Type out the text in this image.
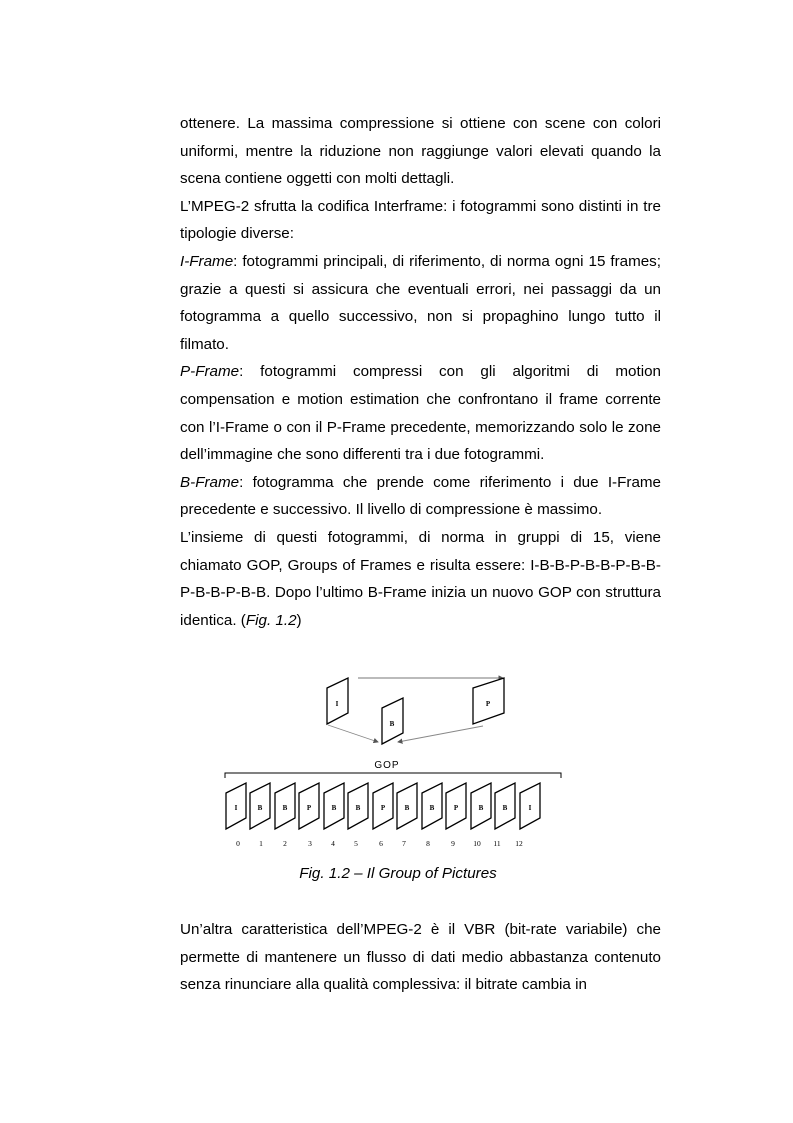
ottenere. La massima compressione si ottiene con scene con colori uniformi, mentre la riduzione non raggiunge valori elevati quando la scena contiene oggetti con molti dettagli.

L’MPEG-2 sfrutta la codifica Interframe: i fotogrammi sono distinti in tre tipologie diverse:

I-Frame: fotogrammi principali, di riferimento, di norma ogni 15 frames; grazie a questi si assicura che eventuali errori, nei passaggi da un fotogramma a quello successivo, non si propaghino lungo tutto il filmato.

P-Frame: fotogrammi compressi con gli algoritmi di motion compensation e motion estimation che confrontano il frame corrente con l’I-Frame o con il P-Frame precedente, memorizzando solo le zone dell’immagine che sono differenti tra i due fotogrammi.

B-Frame: fotogramma che prende come riferimento i due I-Frame precedente e successivo. Il livello di compressione è massimo.

L’insieme di questi fotogrammi, di norma in gruppi di 15, viene chiamato GOP, Groups of Frames e risulta essere: I-B-B-P-B-B-P-B-B-P-B-B-P-B-B. Dopo l’ultimo B-Frame inizia un nuovo GOP con struttura identica. (Fig. 1.2)

I
B
P
GOP
I	B	B	P	B	B	P	B	B	P	B	B	I
0	1	2	3	4	5	6	7	8	9 10 11 12
Fig. 1.2 – Il Group of Pictures

Un’altra caratteristica dell’MPEG-2 è il VBR (bit-rate variabile) che permette di mantenere un flusso di dati medio abbastanza contenuto senza rinunciare alla qualità complessiva: il bitrate cambia in
